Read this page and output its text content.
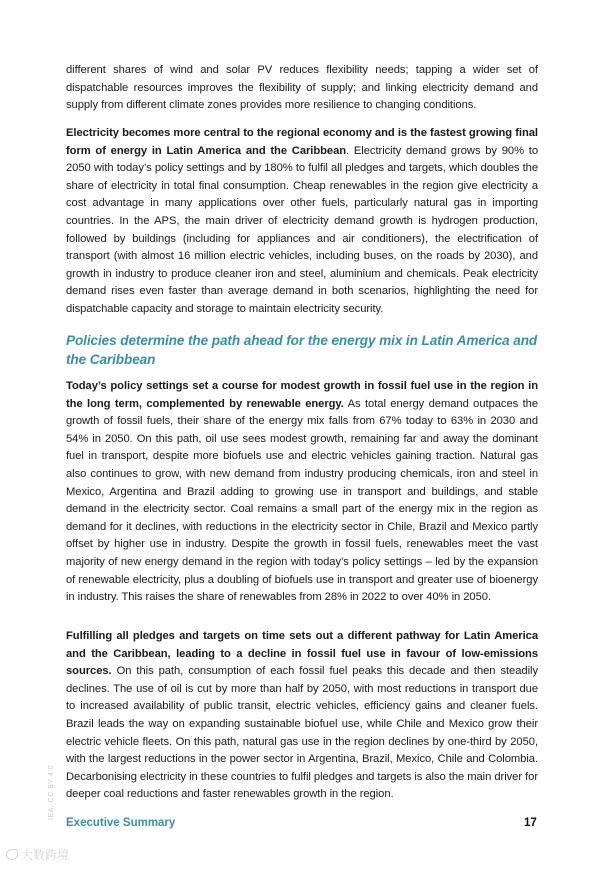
different shares of wind and solar PV reduces flexibility needs; tapping a wider set of dispatchable resources improves the flexibility of supply; and linking electricity demand and supply from different climate zones provides more resilience to changing conditions.

Electricity becomes more central to the regional economy and is the fastest growing final form of energy in Latin America and the Caribbean. Electricity demand grows by 90% to 2050 with today’s policy settings and by 180% to fulfil all pledges and targets, which doubles the share of electricity in total final consumption. Cheap renewables in the region give electricity a cost advantage in many applications over other fuels, particularly natural gas in importing countries. In the APS, the main driver of electricity demand growth is hydrogen production, followed by buildings (including for appliances and air conditioners), the electrification of transport (with almost 16 million electric vehicles, including buses, on the roads by 2030), and growth in industry to produce cleaner iron and steel, aluminium and chemicals. Peak electricity demand rises even faster than average demand in both scenarios, highlighting the need for dispatchable capacity and storage to maintain electricity security.

Policies determine the path ahead for the energy mix in Latin America and the Caribbean

Today’s policy settings set a course for modest growth in fossil fuel use in the region in the long term, complemented by renewable energy. As total energy demand outpaces the growth of fossil fuels, their share of the energy mix falls from 67% today to 63% in 2030 and 54% in 2050. On this path, oil use sees modest growth, remaining far and away the dominant fuel in transport, despite more biofuels use and electric vehicles gaining traction. Natural gas also continues to grow, with new demand from industry producing chemicals, iron and steel in Mexico, Argentina and Brazil adding to growing use in transport and buildings, and stable demand in the electricity sector. Coal remains a small part of the energy mix in the region as demand for it declines, with reductions in the electricity sector in Chile, Brazil and Mexico partly offset by higher use in industry. Despite the growth in fossil fuels, renewables meet the vast majority of new energy demand in the region with today’s policy settings – led by the expansion of renewable electricity, plus a doubling of biofuels use in transport and greater use of bioenergy in industry. This raises the share of renewables from 28% in 2022 to over 40% in 2050.

Fulfilling all pledges and targets on time sets out a different pathway for Latin America and the Caribbean, leading to a decline in fossil fuel use in favour of low-emissions sources. On this path, consumption of each fossil fuel peaks this decade and then steadily declines. The use of oil is cut by more than half by 2050, with most reductions in transport due to increased availability of public transit, electric vehicles, efficiency gains and cleaner fuels. Brazil leads the way on expanding sustainable biofuel use, while Chile and Mexico grow their electric vehicle fleets. On this path, natural gas use in the region declines by one-third by 2050, with the largest reductions in the power sector in Argentina, Brazil, Mexico, Chile and Colombia. Decarbonising electricity in these countries to fulfil pledges and targets is also the main driver for deeper coal reductions and faster renewables growth in the region.

IEA. CC BY 4.0
Executive Summary	17
大数跨境
